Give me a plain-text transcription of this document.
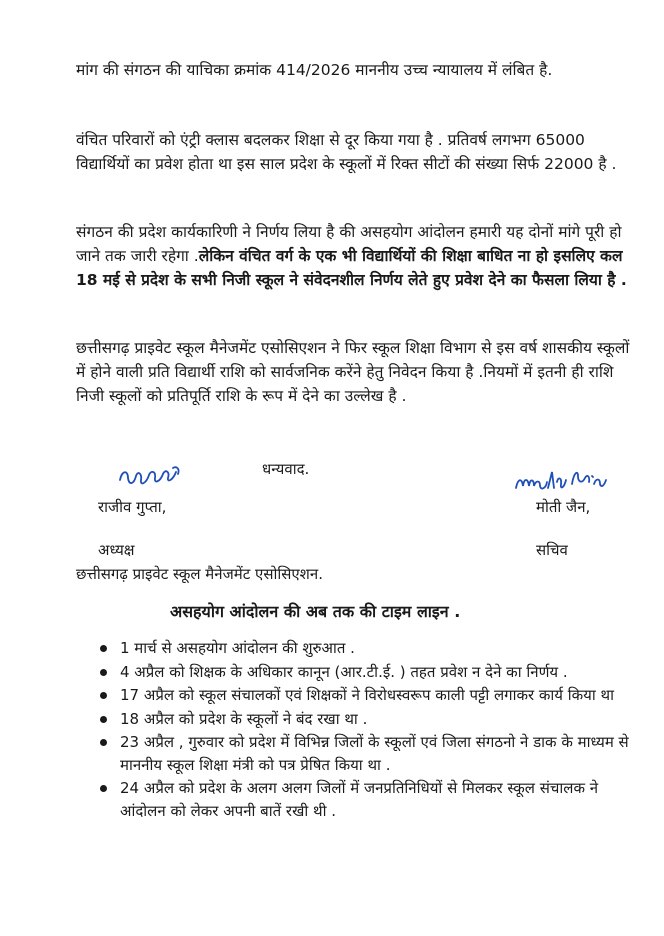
मांग की संगठन की याचिका क्रमांक 414/2026 माननीय उच्च न्यायालय में लंबित है.

वंचित परिवारों को एंट्री क्लास बदलकर शिक्षा से दूर किया गया है . प्रतिवर्ष लगभग 65000 विद्यार्थियों का प्रवेश होता था इस साल प्रदेश के स्कूलों में रिक्त सीटों की संख्या सिर्फ 22000 है .

संगठन की प्रदेश कार्यकारिणी ने निर्णय लिया है की असहयोग आंदोलन हमारी यह दोनों मांगे पूरी हो जाने तक जारी रहेगा .लेकिन वंचित वर्ग के एक भी विद्यार्थियों की शिक्षा बाधित ना हो इसलिए कल 18 मई से प्रदेश के सभी निजी स्कूल ने संवेदनशील निर्णय लेते हुए प्रवेश देने का फैसला लिया है .

छत्तीसगढ़ प्राइवेट स्कूल मैनेजमेंट एसोसिएशन ने फिर स्कूल शिक्षा विभाग से इस वर्ष शासकीय स्कूलों में होने वाली प्रति विद्यार्थी राशि को सार्वजनिक करेंने हेतु निवेदन किया है .नियमों में इतनी ही राशि निजी स्कूलों को प्रतिपूर्ति राशि के रूप में देने का उल्लेख है .

धन्यवाद.
राजीव गुप्ता,	मोती जैन,
अध्यक्ष	सचिव
छत्तीसगढ़ प्राइवेट स्कूल मैनेजमेंट एसोसिएशन.
असहयोग आंदोलन की अब तक की टाइम लाइन .
1 मार्च से असहयोग आंदोलन की शुरुआत .
4 अप्रैल को शिक्षक के अधिकार कानून (आर.टी.ई. ) तहत प्रवेश न देने का निर्णय .
17 अप्रैल को स्कूल संचालकों एवं शिक्षकों ने विरोधस्वरूप काली पट्टी लगाकर कार्य किया था
18 अप्रैल को प्रदेश के स्कूलों ने बंद रखा था .
23 अप्रैल , गुरुवार को प्रदेश में विभिन्न जिलों के स्कूलों एवं जिला संगठनो ने डाक के माध्यम से माननीय स्कूल शिक्षा मंत्री को पत्र प्रेषित किया था .
24 अप्रैल को प्रदेश के अलग अलग जिलों में जनप्रतिनिधियों से मिलकर स्कूल संचालक ने आंदोलन को लेकर अपनी बातें रखी थी .
